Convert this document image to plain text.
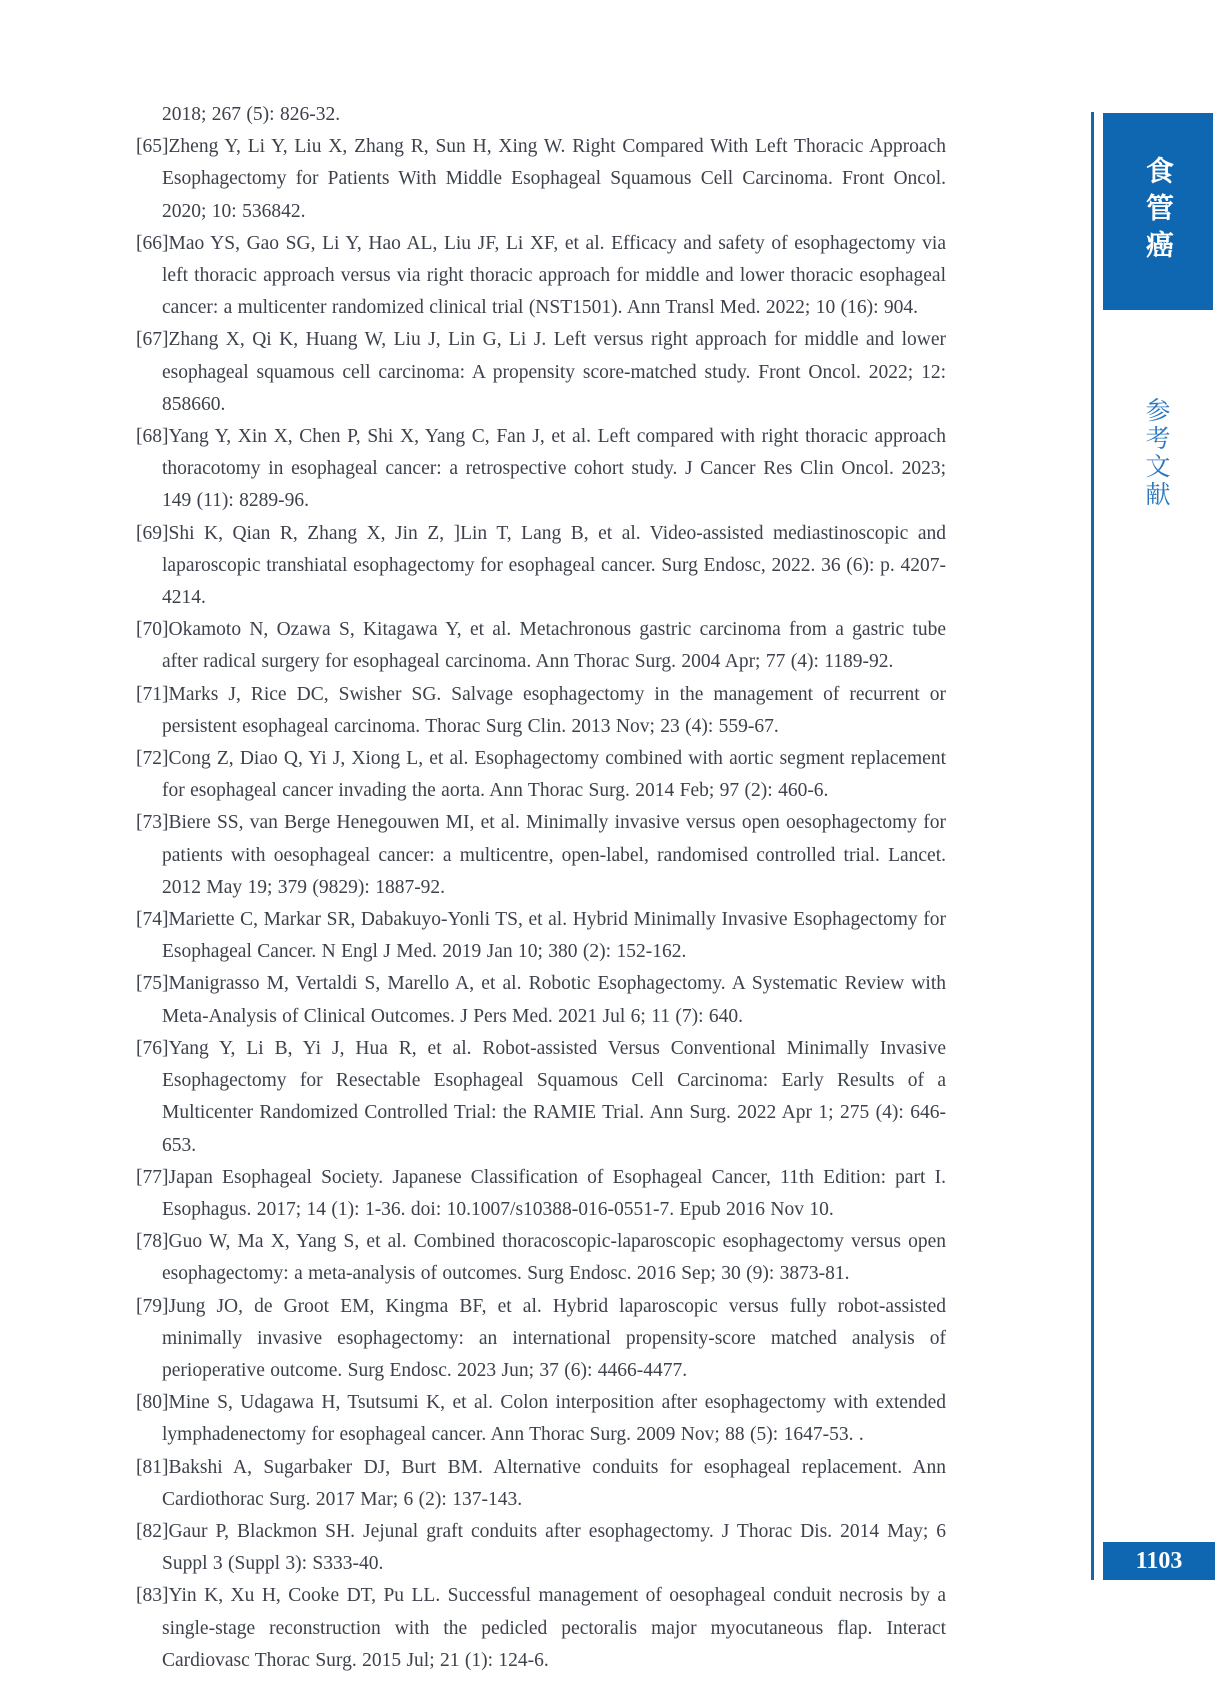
2018; 267 (5): 826-32.

[65]Zheng Y, Li Y, Liu X, Zhang R, Sun H, Xing W. Right Compared With Left Thoracic Approach Esophagectomy for Patients With Middle Esophageal Squamous Cell Carcinoma. Front Oncol. 2020; 10: 536842.

[66]Mao YS, Gao SG, Li Y, Hao AL, Liu JF, Li XF, et al. Efficacy and safety of esophagectomy via left thoracic approach versus via right thoracic approach for middle and lower thoracic esophageal cancer: a multicenter randomized clinical trial (NST1501). Ann Transl Med. 2022; 10 (16): 904.

[67]Zhang X, Qi K, Huang W, Liu J, Lin G, Li J. Left versus right approach for middle and lower esophageal squamous cell carcinoma: A propensity score-matched study. Front Oncol. 2022; 12: 858660.

[68]Yang Y, Xin X, Chen P, Shi X, Yang C, Fan J, et al. Left compared with right thoracic approach thoracotomy in esophageal cancer: a retrospective cohort study. J Cancer Res Clin Oncol. 2023; 149 (11): 8289-96.

[69]Shi K, Qian R, Zhang X, Jin Z, ]Lin T, Lang B, et al. Video-assisted mediastinoscopic and laparoscopic transhiatal esophagectomy for esophageal cancer. Surg Endosc, 2022. 36 (6): p. 4207-4214.

[70]Okamoto N, Ozawa S, Kitagawa Y, et al. Metachronous gastric carcinoma from a gastric tube after radical surgery for esophageal carcinoma. Ann Thorac Surg. 2004 Apr; 77 (4): 1189-92.

[71]Marks J, Rice DC, Swisher SG. Salvage esophagectomy in the management of recurrent or persistent esophageal carcinoma. Thorac Surg Clin. 2013 Nov; 23 (4): 559-67.

[72]Cong Z, Diao Q, Yi J, Xiong L, et al. Esophagectomy combined with aortic segment replacement for esophageal cancer invading the aorta. Ann Thorac Surg. 2014 Feb; 97 (2): 460-6.

[73]Biere SS, van Berge Henegouwen MI, et al. Minimally invasive versus open oesophagectomy for patients with oesophageal cancer: a multicentre, open-label, randomised controlled trial. Lancet. 2012 May 19; 379 (9829): 1887-92.

[74]Mariette C, Markar SR, Dabakuyo-Yonli TS, et al. Hybrid Minimally Invasive Esophagectomy for Esophageal Cancer. N Engl J Med. 2019 Jan 10; 380 (2): 152-162.

[75]Manigrasso M, Vertaldi S, Marello A, et al. Robotic Esophagectomy. A Systematic Review with Meta-Analysis of Clinical Outcomes. J Pers Med. 2021 Jul 6; 11 (7): 640.

[76]Yang Y, Li B, Yi J, Hua R, et al. Robot-assisted Versus Conventional Minimally Invasive Esophagectomy for Resectable Esophageal Squamous Cell Carcinoma: Early Results of a Multicenter Randomized Controlled Trial: the RAMIE Trial. Ann Surg. 2022 Apr 1; 275 (4): 646-653.

[77]Japan Esophageal Society. Japanese Classification of Esophageal Cancer, 11th Edition: part I. Esophagus. 2017; 14 (1): 1-36. doi: 10.1007/s10388-016-0551-7. Epub 2016 Nov 10.

[78]Guo W, Ma X, Yang S, et al. Combined thoracoscopic-laparoscopic esophagectomy versus open esophagectomy: a meta-analysis of outcomes. Surg Endosc. 2016 Sep; 30 (9): 3873-81.

[79]Jung JO, de Groot EM, Kingma BF, et al. Hybrid laparoscopic versus fully robot-assisted minimally invasive esophagectomy: an international propensity-score matched analysis of perioperative outcome. Surg Endosc. 2023 Jun; 37 (6): 4466-4477.

[80]Mine S, Udagawa H, Tsutsumi K, et al. Colon interposition after esophagectomy with extended lymphadenectomy for esophageal cancer. Ann Thorac Surg. 2009 Nov; 88 (5): 1647-53. .

[81]Bakshi A, Sugarbaker DJ, Burt BM. Alternative conduits for esophageal replacement. Ann Cardiothorac Surg. 2017 Mar; 6 (2): 137-143.

[82]Gaur P, Blackmon SH. Jejunal graft conduits after esophagectomy. J Thorac Dis. 2014 May; 6 Suppl 3 (Suppl 3): S333-40.

[83]Yin K, Xu H, Cooke DT, Pu LL. Successful management of oesophageal conduit necrosis by a single-stage reconstruction with the pedicled pectoralis major myocutaneous flap. Interact Cardiovasc Thorac Surg. 2015 Jul; 21 (1): 124-6.

食管癌
参考文献
1103
